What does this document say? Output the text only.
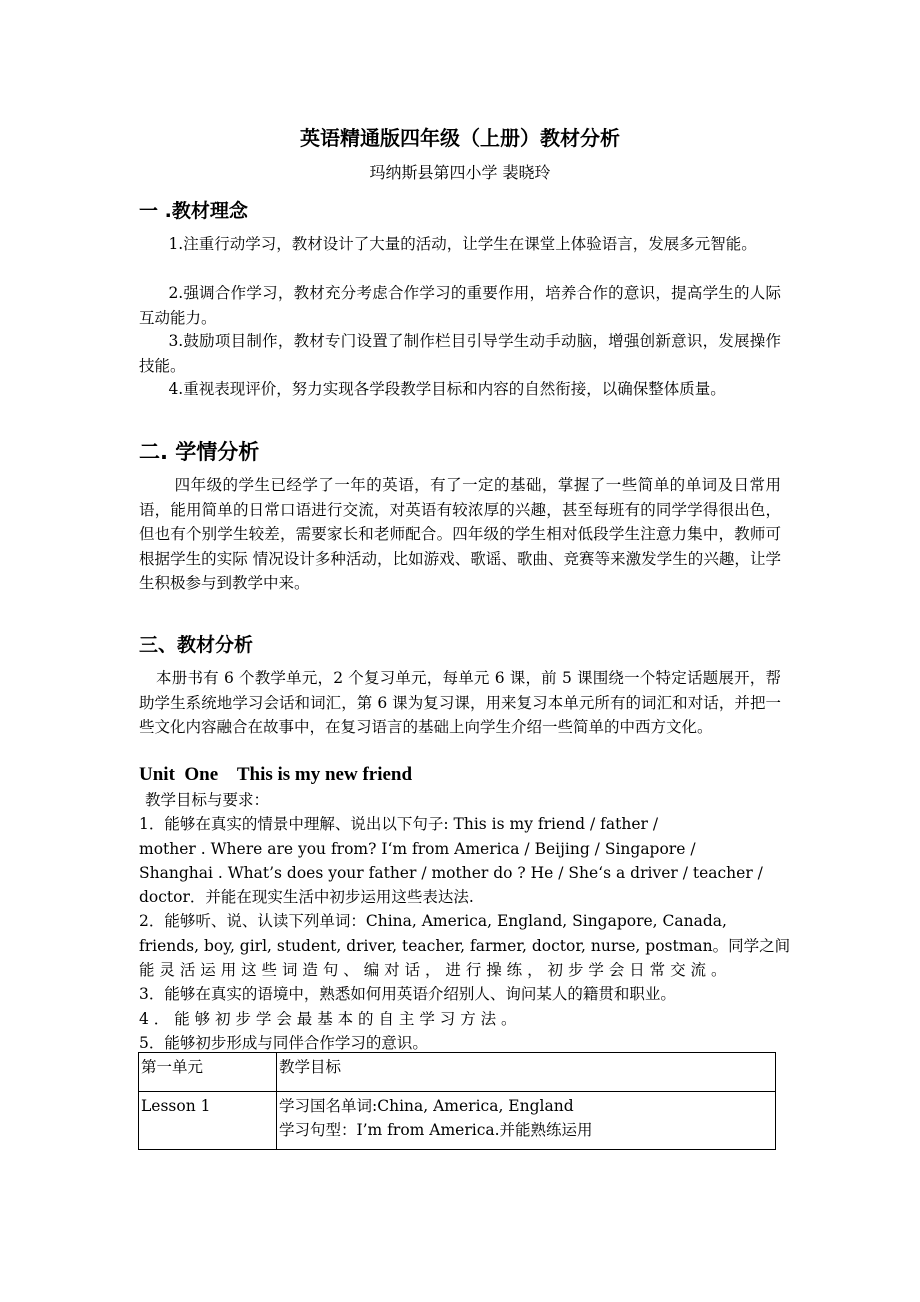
英语精通版四年级（上册）教材分析
玛纳斯县第四小学 裴晓玲
一 .教材理念

1.注重行动学习，教材设计了大量的活动，让学生在课堂上体验语言，发展多元智能。

2.强调合作学习，教材充分考虑合作学习的重要作用，培养合作的意识，提高学生的人际互动能力。

3.鼓励项目制作，教材专门设置了制作栏目引导学生动手动脑，增强创新意识，发展操作技能。

4.重视表现评价，努力实现各学段教学目标和内容的自然衔接，以确保整体质量。

二. 学情分析

四年级的学生已经学了一年的英语，有了一定的基础，掌握了一些简单的单词及日常用语，能用简单的日常口语进行交流，对英语有较浓厚的兴趣，甚至每班有的同学学得很出色，但也有个别学生较差，需要家长和老师配合。四年级的学生相对低段学生注意力集中，教师可根据学生的实际 情况设计多种活动，比如游戏、歌谣、歌曲、竞赛等来激发学生的兴趣，让学生积极参与到教学中来。

三、教材分析

本册书有 6 个教学单元，2 个复习单元，每单元 6 课，前 5 课围绕一个特定话题展开，帮助学生系统地学习会话和词汇，第 6 课为复习课，用来复习本单元所有的词汇和对话，并把一些文化内容融合在故事中，在复习语言的基础上向学生介绍一些简单的中西方文化。

Unit  One    This is my new friend
教学目标与要求：
1．能够在真实的情景中理解、说出以下句子: This is my friend / father /
mother . Where are you from? I‘m from America / Beijing / Singapore /
Shanghai . What’s does your father / mother do ? He / She‘s a driver / teacher /
doctor．并能在现实生活中初步运用这些表达法.
2．能够听、说、认读下列单词：China, America, England, Singapore, Canada,
friends, boy, girl, student, driver, teacher, farmer, doctor, nurse, postman。同学之间
能 灵 活 运 用 这 些 词 造 句 、 编 对 话 ， 进 行 操 练 ， 初 步 学 会 日 常 交 流 。
3．能够在真实的语境中，熟悉如何用英语介绍别人、询问某人的籍贯和职业。
4 ． 能 够 初 步 学 会 最 基 本 的 自 主 学 习 方 法 。
5．能够初步形成与同伴合作学习的意识。
第一单元	教学目标
Lesson 1	学习国名单词:China, America, England
学习句型：I’m from America.并能熟练运用
